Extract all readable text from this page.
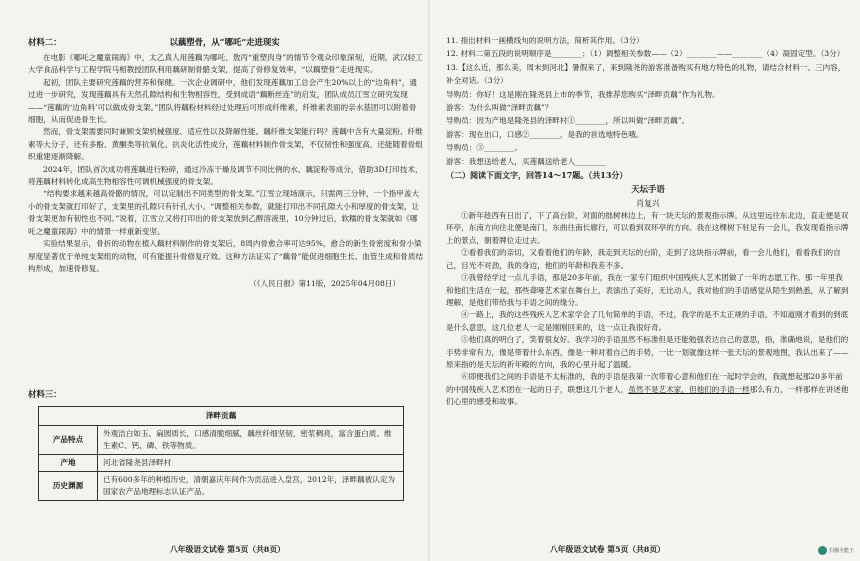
材料二：	以藕塑骨，从“哪吒”走进现实

在电影《哪吒之魔童闹海》中，太乙真人用莲藕为哪吒、敖丙“重塑肉身”的情节令观众印象深刻，近期，武汉轻工大学食品科学与工程学院马相教授团队利用藕研制骨骼支架，提高了骨修复效率，“以藕塑骨”走进现实。

起初，团队主要研究莲藕的营养和保健。一次企业调研中，他们发现莲藕加工总会产生20%以上的“边角料”，通过进一步研究，发现莲藕具有天然孔隙结构和生物相容性，受到成语“藕断丝连”的启发，团队成员江雪立研究发现——“莲藕的‘边角料’可以做成骨支架。”团队将藕粉材料经过处理后可形成纤维素，纤维素表面的亲水基团可以附着骨细胞，从而促进骨生长。

然而，骨支架需要同时兼顾支架机械强度、适应性以及降解性能。藕纤维支架能行吗？莲藕中含有大量淀粉、纤维素等大分子，还有多酚、黄酮类等抗氧化、抗炎化活性成分，莲藕材料制作骨支架，不仅韧性和强度高，还能随着骨组织重建逐渐降解。

2024年，团队首次成功将莲藕进行粉碎，通过冷冻干燥及调节不同比例的水、藕淀粉等成分，借助3D打印技术，将莲藕材料转化成高生物相容性可调机械强度的骨支架。

“结构要求越来越高骨骼的情况，可以定制出不同类型的骨支架。”江雪立现场演示，只需两三分钟，一个指甲盖大小的骨支架就打印好了，支架里的孔隙只有针孔大小。“调整相关参数，就能打印出不同孔隙大小和厚度的骨支架，让骨支架更加有韧性也不同。”说着，江雪立又将打印出的骨支架放到乙醇溶液里，10分钟过后，软糯的骨支架就如《哪吒之魔童闹海》中的情景一样重新变坚。

实验结果显示，骨折的动物在植入藕材料制作的骨支架后，8周内骨愈合率可达95%，愈合的新生骨密度和骨小梁厚度显著优于单纯支架组的动物，可有能提升骨修复疗效。这种方法证实了“藕骨”能促进细胞生长、血管生成和骨质结构形成，加速骨修复。

（《人民日报》第11版，2025年04月08日）
材料三：
泽畔贡藕	
产品特点	外观洁白如玉、扁圆质长，口感清脆细腻，藕丝纤细坚韧，密浆稠亮，富含蛋白质、维生素C、钙、磷、铁等物质。
产地	河北省隆尧县泽畔村
历史渊源	已有600多年的种植历史，清朝嘉庆年间作为贡品进入皇宫，2012年，泽畔藕被认定为国家农产品地理标志认证产品。
八年级语文试卷 第5页（共8页）

11. 指出材料一画横线句的说明方法，简析其作用。（3分）

12. 材料二第五段的说明顺序是________；（1）调整相关参数——（2）________——________（4）凝固定型。（3分）

13.【这么近，那么美，周末到河北】暑假来了，来到隆尧的游客准备购买有地方特色的礼物，请结合材料一、三内容，补全对话。（3分）

导购员：你好！这是刚在隆尧县上市的季节，我推荐您购买“泽畔贡藕”作为礼物。

游客：为什么叫做“泽畔贡藕”？

导购员：因为产地是隆尧县的泽畔村①________，所以叫做“泽畔贡藕”。

游客：现在出口，口感②________，是我的首选地特色哦。

导购员：③________。

游客：我想送给老人，买莲藕送给老人________

（二）阅读下面文字，回答14～17题。（共13分）

天坛手语

肖复兴

①新年趁西有日出了，下了高台阶，对面的拙树林边上，有一块天坛的景观指示牌。从这里远往东北边，直走便是双环亭，东南方向往北便是南门，东曲往南长廊行，可以看到双环亭的方向。我在这棵树下驻足有一会儿，我发现看指示牌上的景点，朝着牌位走过去。

②看着我们的亲切，又看着他们的年龄，我走到天坛的台阶，走到了这块指示牌前，看一会儿他们，看看我们的自己，目光不对劲，我的身边，他们的年龄和我差不多。

③我曾经学过一点儿手语，那是20多年前，我在一家专门组织中国残疾人艺术团做了一年的志愿工作。那一年里我和他们生活在一起，那些聋哑艺术家在舞台上，表演出了美好，无比动人，我对他们的手语感觉从陌生到熟悉，从了解到理解，是他们带给我与手语之间的缘分。

④一路上，我的这些残疾人艺术家学会了几句简单的手语，不过，我学的是不太正规的手语，不知道刚才看到的到底是什么意思，这几位老人一定是刚刚回来的，这一点让我很好奇。

⑤他们真的明白了，笑着很友好。我学习的手语虽然不标准但是还能勉强表达自己的意思，指，准确地说，是他们的手势非常有力，像是带着什么东西，像是一种对着自己的手势，一比一划就像这样一张天坛的景观地图，我认出来了——原来指的是天坛的祈年殿的方向，我的心里升起了温暖。

⑥即便我们之间的手语是不太标准的，我的手语是我第一次带着心意和他们在一起时学会的，我就想起那20多年前的中国残疾人艺术团在一起的日子，联想这几个老人，虽然不是艺术家，但他们的手语一样那么有力，一样那样在讲述他们心里的感受和故事。

八年级语文试卷 第5页（共8页）	扫描全能王
